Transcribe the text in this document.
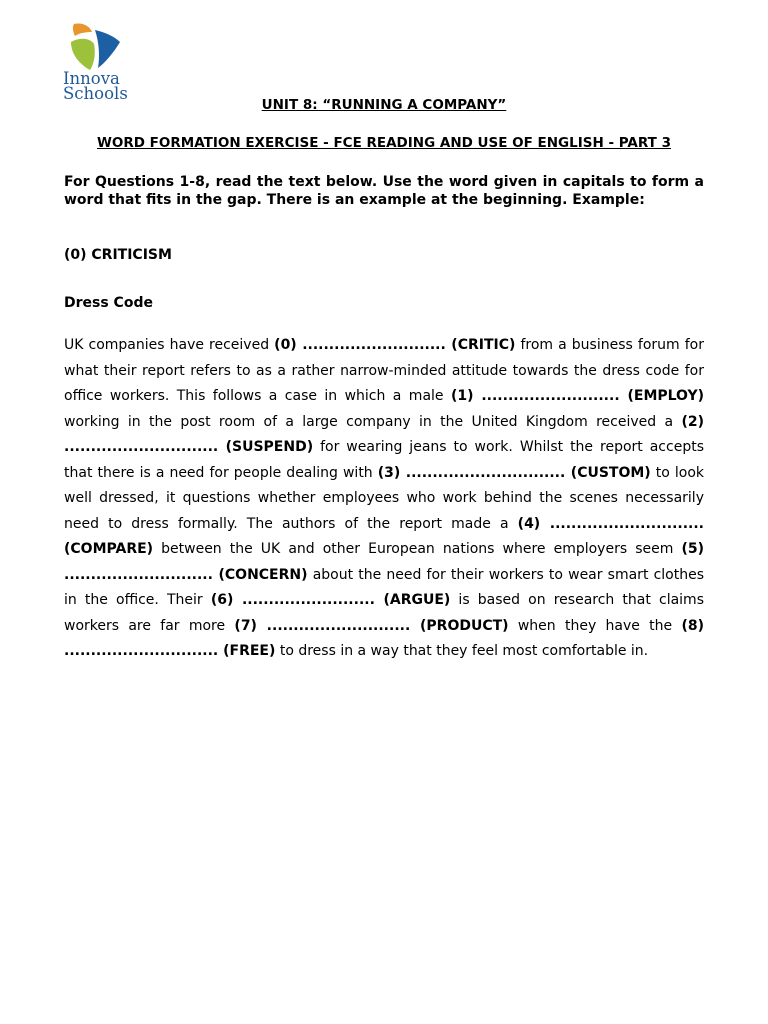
Innova
Schools
UNIT 8: “RUNNING A COMPANY”
WORD FORMATION EXERCISE - FCE READING AND USE OF ENGLISH - PART 3
For Questions 1-8, read the text below. Use the word given in capitals to form a word that fits in the gap. There is an example at the beginning. Example:
(0) CRITICISM
Dress Code
UK companies have received (0) ........................... (CRITIC) from a business forum for what their report refers to as a rather narrow-minded attitude towards the dress code for office workers. This follows a case in which a male (1) .......................... (EMPLOY) working in the post room of a large company in the United Kingdom received a (2) ............................. (SUSPEND) for wearing jeans to work. Whilst the report accepts that there is a need for people dealing with (3) .............................. (CUSTOM) to look well dressed, it questions whether employees who work behind the scenes necessarily need to dress formally. The authors of the report made a (4) ............................. (COMPARE) between the UK and other European nations where employers seem (5) ............................ (CONCERN) about the need for their workers to wear smart clothes in the office. Their (6) ......................... (ARGUE) is based on research that claims workers are far more (7) ........................... (PRODUCT) when they have the (8) ............................. (FREE) to dress in a way that they feel most comfortable in.
